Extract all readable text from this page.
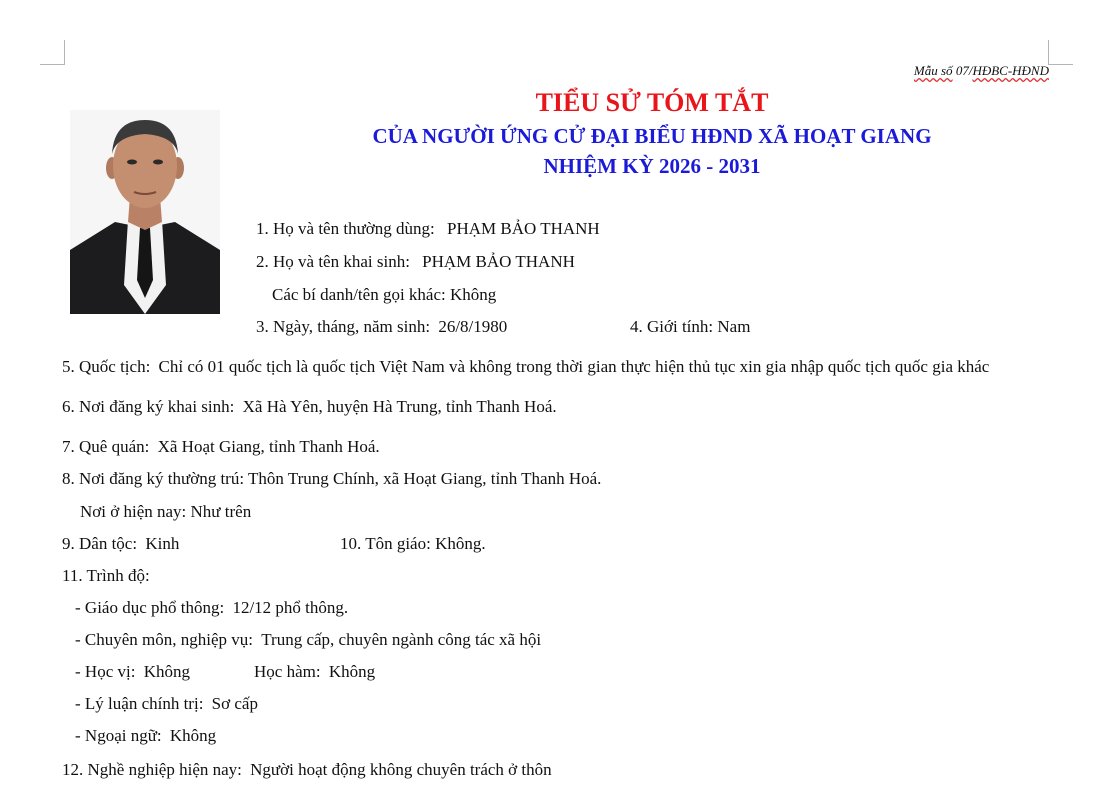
Mẫu số 07/HĐBC-HĐND
TIỂU SỬ TÓM TẮT
CỦA NGƯỜI ỨNG CỬ ĐẠI BIỂU HĐND XÃ HOẠT GIANG
NHIỆM KỲ 2026 - 2031
1. Họ và tên thường dùng: PHẠM BẢO THANH
2. Họ và tên khai sinh: PHẠM BẢO THANH
Các bí danh/tên gọi khác: Không
3. Ngày, tháng, năm sinh: 26/8/1980	4. Giới tính: Nam
5. Quốc tịch: Chỉ có 01 quốc tịch là quốc tịch Việt Nam và không trong thời gian thực hiện thủ tục xin gia nhập quốc tịch quốc gia khác
6. Nơi đăng ký khai sinh: Xã Hà Yên, huyện Hà Trung, tỉnh Thanh Hoá.
7. Quê quán: Xã Hoạt Giang, tỉnh Thanh Hoá.
8. Nơi đăng ký thường trú: Thôn Trung Chính, xã Hoạt Giang, tỉnh Thanh Hoá.
Nơi ở hiện nay: Như trên
9. Dân tộc: Kinh	10. Tôn giáo: Không.
11. Trình độ:
- Giáo dục phổ thông: 12/12 phổ thông.
- Chuyên môn, nghiệp vụ: Trung cấp, chuyên ngành công tác xã hội
- Học vị: Không	Học hàm: Không
- Lý luận chính trị: Sơ cấp
- Ngoại ngữ: Không
12. Nghề nghiệp hiện nay: Người hoạt động không chuyên trách ở thôn
